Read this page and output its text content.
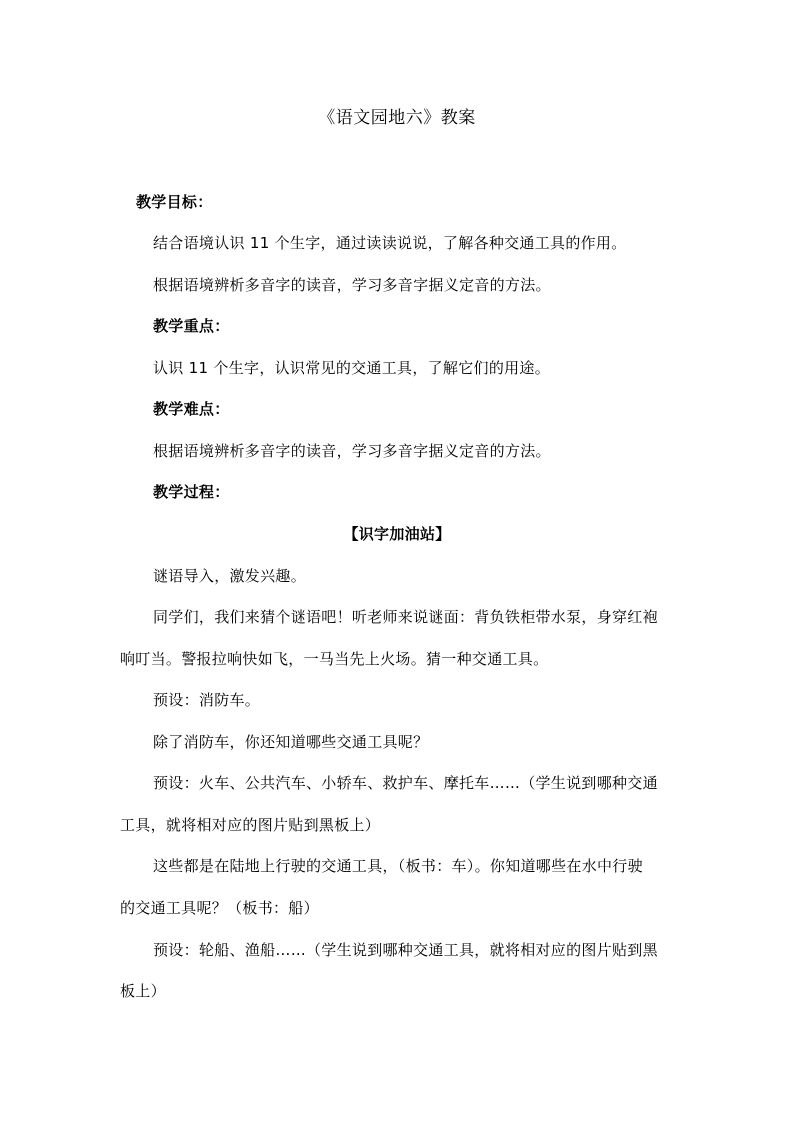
《语文园地六》教案
教学目标：
结合语境认识 11 个生字，通过读读说说，了解各种交通工具的作用。
根据语境辨析多音字的读音，学习多音字据义定音的方法。
教学重点：
认识 11 个生字，认识常见的交通工具，了解它们的用途。
教学难点：
根据语境辨析多音字的读音，学习多音字据义定音的方法。
教学过程：
【识字加油站】
谜语导入，激发兴趣。
同学们，我们来猜个谜语吧！听老师来说谜面：背负铁柜带水泵，身穿红袍
响叮当。警报拉响快如飞，一马当先上火场。猜一种交通工具。
预设：消防车。
除了消防车，你还知道哪些交通工具呢？
预设：火车、公共汽车、小轿车、救护车、摩托车……（学生说到哪种交通
工具，就将相对应的图片贴到黑板上）
这些都是在陆地上行驶的交通工具，（板书：车）。你知道哪些在水中行驶
的交通工具呢？（板书：船）
预设：轮船、渔船……（学生说到哪种交通工具，就将相对应的图片贴到黑
板上）
